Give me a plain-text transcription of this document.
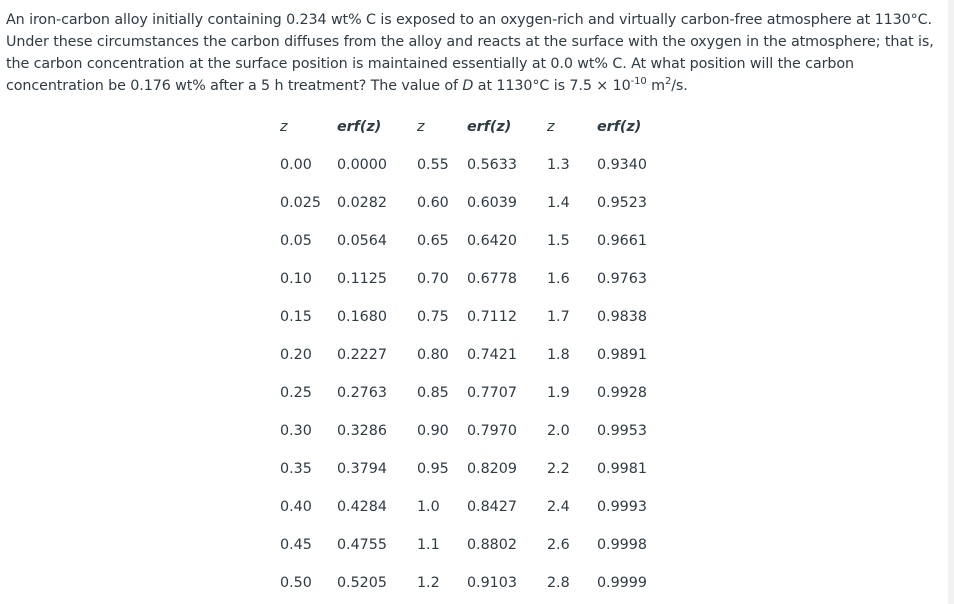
An iron-carbon alloy initially containing 0.234 wt% C is exposed to an oxygen-rich and virtually carbon-free atmosphere at 1130°C. Under these circumstances the carbon diffuses from the alloy and reacts at the surface with the oxygen in the atmosphere; that is, the carbon concentration at the surface position is maintained essentially at 0.0 wt% C. At what position will the carbon concentration be 0.176 wt% after a 5 h treatment? The value of D at 1130°C is $7.5 \times 10^{-10}$ $m^2/s$.
z	erf(z)	z	erf(z)	z	erf(z)
0.00	0.0000	0.55	0.5633	1.3	0.9340
0.025	0.0282	0.60	0.6039	1.4	0.9523
0.05	0.0564	0.65	0.6420	1.5	0.9661
0.10	0.1125	0.70	0.6778	1.6	0.9763
0.15	0.1680	0.75	0.7112	1.7	0.9838
0.20	0.2227	0.80	0.7421	1.8	0.9891
0.25	0.2763	0.85	0.7707	1.9	0.9928
0.30	0.3286	0.90	0.7970	2.0	0.9953
0.35	0.3794	0.95	0.8209	2.2	0.9981
0.40	0.4284	1.0	0.8427	2.4	0.9993
0.45	0.4755	1.1	0.8802	2.6	0.9998
0.50	0.5205	1.2	0.9103	2.8	0.9999
